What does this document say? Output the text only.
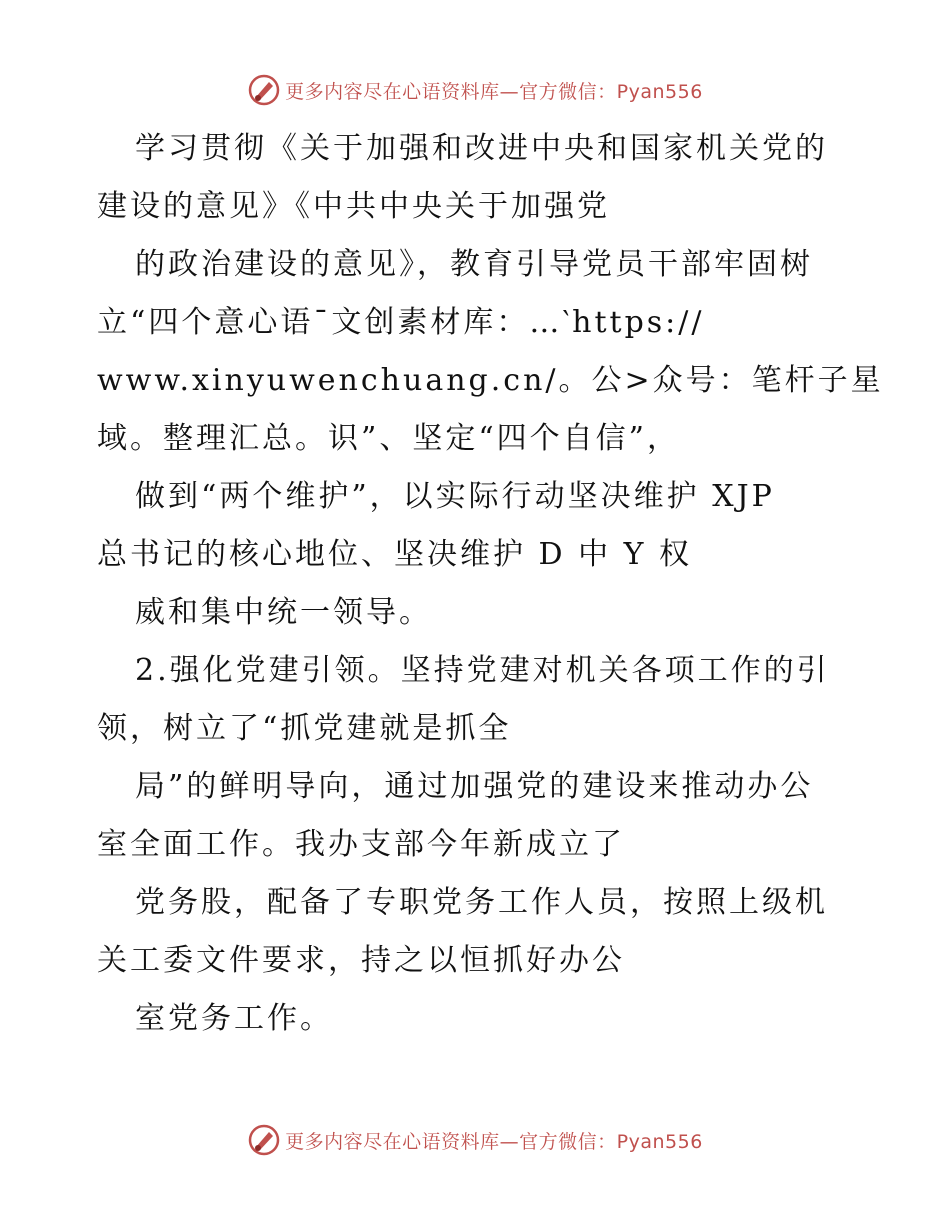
更多内容尽在心语资料库—官方微信：Pyan556
学习贯彻《关于加强和改进中央和国家机关党的
建设的意见》《中共中央关于加强党
的政治建设的意见》，教育引导党员干部牢固树
立“四个意心语¯文创素材库：…‵https://
www.xinyuwenchuang.cn/。公>众号：笔杆子星
域。整理汇总。识”、坚定“四个自信”，
做到“两个维护”，以实际行动坚决维护 XJP
总书记的核心地位、坚决维护 D 中 Y 权
威和集中统一领导。
2.强化党建引领。坚持党建对机关各项工作的引
领，树立了“抓党建就是抓全
局”的鲜明导向，通过加强党的建设来推动办公
室全面工作。我办支部今年新成立了
党务股，配备了专职党务工作人员，按照上级机
关工委文件要求，持之以恒抓好办公
室党务工作。
更多内容尽在心语资料库—官方微信：Pyan556
